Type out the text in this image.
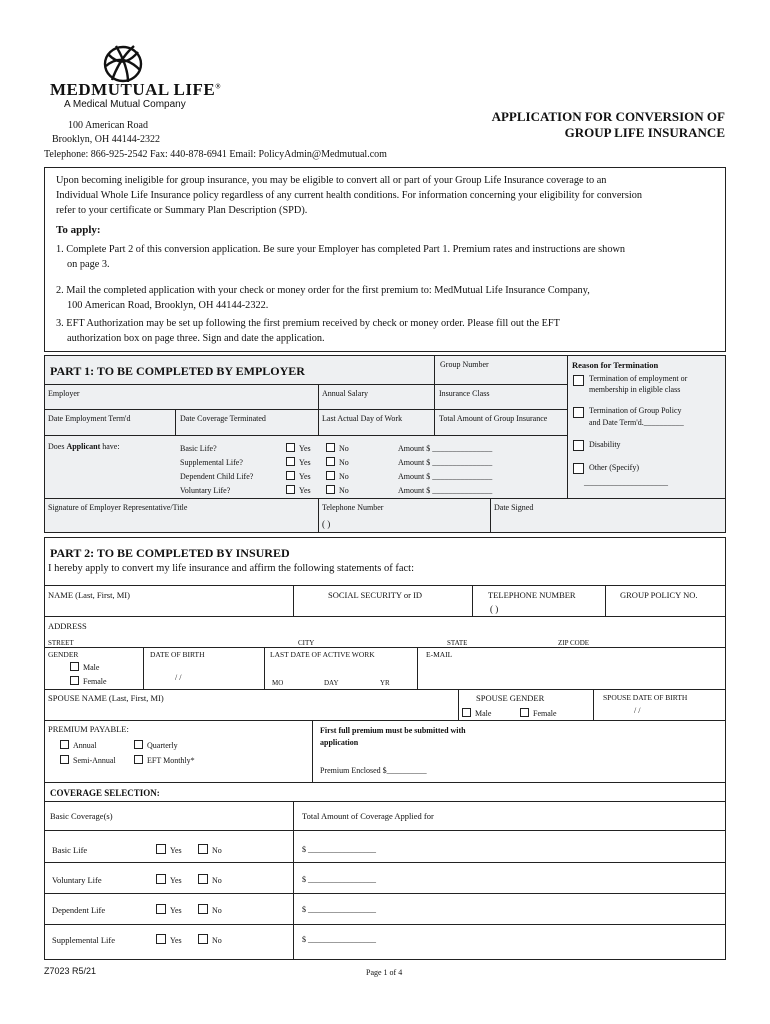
MEDMUTUAL LIFE®
A Medical Mutual Company
100 American Road
Brooklyn, OH 44144-2322
Telephone: 866-925-2542 Fax: 440-878-6941 Email: PolicyAdmin@Medmutual.com
APPLICATION FOR CONVERSION OF
GROUP LIFE INSURANCE
Upon becoming ineligible for group insurance, you may be eligible to convert all or part of your Group Life Insurance coverage to an
Individual Whole Life Insurance policy regardless of any current health conditions. For information concerning your eligibility for conversion
refer to your certificate or Summary Plan Description (SPD).
To apply:
1. Complete Part 2 of this conversion application. Be sure your Employer has completed Part 1. Premium rates and instructions are shown
on page 3.
2. Mail the completed application with your check or money order for the first premium to: MedMutual Life Insurance Company,
100 American Road, Brooklyn, OH 44144-2322.
3. EFT Authorization may be set up following the first premium received by check or money order. Please fill out the EFT
authorization box on page three. Sign and date the application.
PART 1: TO BE COMPLETED BY EMPLOYER	Group Number
Employer	Annual Salary	Insurance Class
Date Employment Term'd	Date Coverage Terminated	Last Actual Day of Work	Total Amount of Group Insurance
Does Applicant have:	Basic Life?	Yes	No	Amount $ _______________
Supplemental Life?	Yes	No	Amount $ _______________
Dependent Child Life?	Yes	No	Amount $ _______________
Voluntary Life?	Yes	No	Amount $ _______________
Signature of Employer Representative/Title	Telephone Number
( )
Date Signed
Reason for Termination
Termination of employment or
membership in eligible class
Termination of Group Policy
and Date Term'd.__________
Disability
Other (Specify)
_____________________
PART 2: TO BE COMPLETED BY INSURED
I hereby apply to convert my life insurance and affirm the following statements of fact:
NAME (Last, First, MI)	SOCIAL SECURITY or ID	TELEPHONE NUMBER
( )
GROUP POLICY NO.
ADDRESS
STREET	CITY	STATE	ZIP CODE
GENDER
Male
Female
DATE OF BIRTH
/ /
LAST DATE OF ACTIVE WORK
MO	DAY	YR
E-MAIL
SPOUSE NAME (Last, First, MI)	SPOUSE GENDER
Male	Female
SPOUSE DATE OF BIRTH
/ /
PREMIUM PAYABLE:
Annual	Quarterly
Semi-Annual	EFT Monthly*
First full premium must be submitted with
application
Premium Enclosed $__________
COVERAGE SELECTION:
Basic Coverage(s)	Total Amount of Coverage Applied for
Basic Life	Yes	No	$ _________________
Voluntary Life	Yes	No	$ _________________
Dependent Life	Yes	No	$ _________________
Supplemental Life	Yes	No	$ _________________
Z7023 R5/21	Page 1 of 4
